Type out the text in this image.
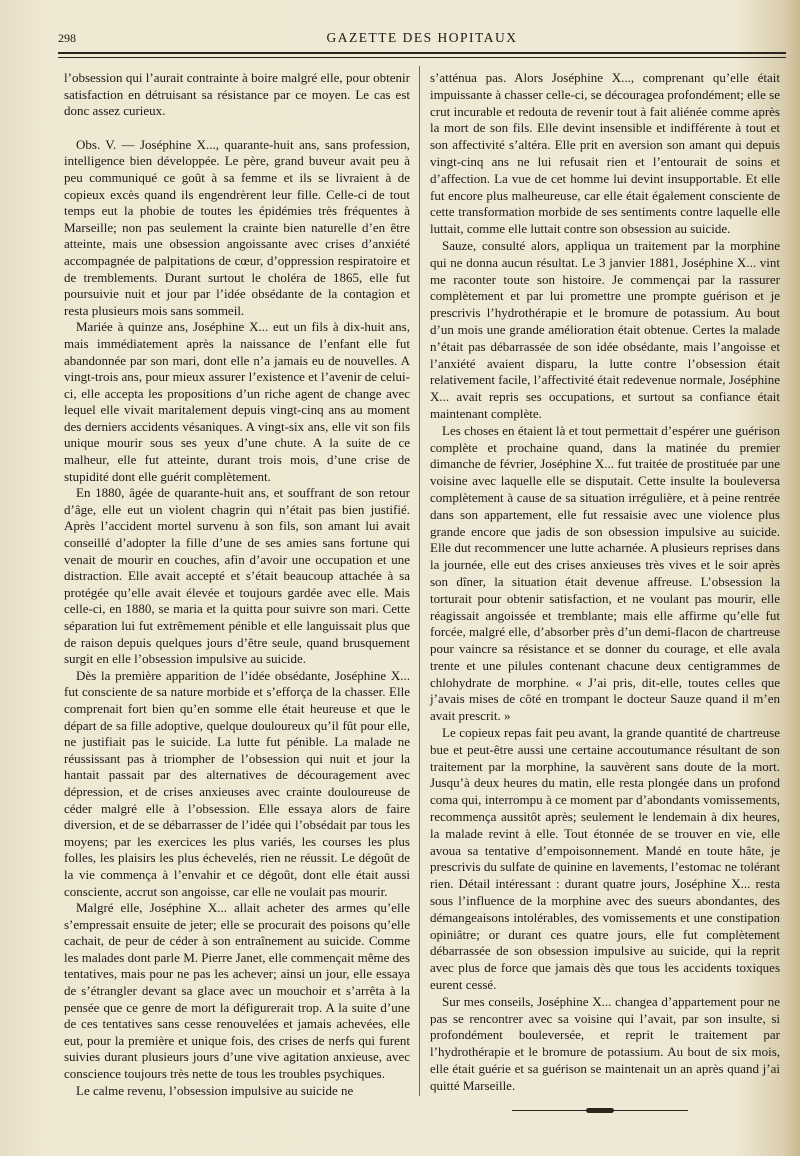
298	GAZETTE DES HOPITAUX

l’obsession qui l’aurait contrainte à boire malgré elle, pour obtenir satisfaction en détruisant sa résistance par ce moyen. Le cas est donc assez curieux.

Obs. V. — Joséphine X..., quarante-huit ans, sans profession, intelligence bien développée. Le père, grand buveur avait peu à peu communiqué ce goût à sa femme et ils se livraient à de copieux excès quand ils engendrèrent leur fille. Celle-ci de tout temps eut la phobie de toutes les épidémies très fréquentes à Marseille; non pas seulement la crainte bien naturelle d’en être atteinte, mais une obsession angoissante avec crises d’anxiété accompagnée de palpitations de cœur, d’oppression respiratoire et de tremblements. Durant surtout le choléra de 1865, elle fut poursuivie nuit et jour par l’idée obsédante de la contagion et resta plusieurs mois sans sommeil.

Mariée à quinze ans, Joséphine X... eut un fils à dix-huit ans, mais immédiatement après la naissance de l’enfant elle fut abandonnée par son mari, dont elle n’a jamais eu de nouvelles. A vingt-trois ans, pour mieux assurer l’existence et l’avenir de celui-ci, elle accepta les propositions d’un riche agent de change avec lequel elle vivait maritalement depuis vingt-cinq ans au moment des derniers accidents vésaniques. A vingt-six ans, elle vit son fils unique mourir sous ses yeux d’une chute. A la suite de ce malheur, elle fut atteinte, durant trois mois, d’une crise de stupidité dont elle guérit complètement.

En 1880, âgée de quarante-huit ans, et souffrant de son retour d’âge, elle eut un violent chagrin qui n’était pas bien justifié. Après l’accident mortel survenu à son fils, son amant lui avait conseillé d’adopter la fille d’une de ses amies sans fortune qui venait de mourir en couches, afin d’avoir une occupation et une distraction. Elle avait accepté et s’était beaucoup attachée à sa protégée qu’elle avait élevée et toujours gardée avec elle. Mais celle-ci, en 1880, se maria et la quitta pour suivre son mari. Cette séparation lui fut extrêmement pénible et elle languissait plus que de raison depuis quelques jours d’être seule, quand brusquement surgit en elle l’obsession impulsive au suicide.

Dès la première apparition de l’idée obsédante, Joséphine X... fut consciente de sa nature morbide et s’efforça de la chasser. Elle comprenait fort bien qu’en somme elle était heureuse et que le départ de sa fille adoptive, quelque douloureux qu’il fût pour elle, ne justifiait pas le suicide. La lutte fut pénible. La malade ne réussissant pas à triompher de l’obsession qui nuit et jour la hantait passait par des alternatives de découragement avec dépression, et de crises anxieuses avec crainte douloureuse de céder malgré elle à l’obsession. Elle essaya alors de faire diversion, et de se débarrasser de l’idée qui l’obsédait par tous les moyens; par les exercices les plus variés, les courses les plus folles, les plaisirs les plus échevelés, rien ne réussit. Le dégoût de la vie commença à l’envahir et ce dégoût, dont elle était aussi consciente, accrut son angoisse, car elle ne voulait pas mourir.

Malgré elle, Joséphine X... allait acheter des armes qu’elle s’empressait ensuite de jeter; elle se procurait des poisons qu’elle cachait, de peur de céder à son entraînement au suicide. Comme les malades dont parle M. Pierre Janet, elle commençait même des tentatives, mais pour ne pas les achever; ainsi un jour, elle essaya de s’étrangler devant sa glace avec un mouchoir et s’arrêta à la pensée que ce genre de mort la défigurerait trop. A la suite d’une de ces tentatives sans cesse renouvelées et jamais achevées, elle eut, pour la première et unique fois, des crises de nerfs qui furent suivies durant plusieurs jours d’une vive agitation anxieuse, avec conscience toujours très nette de tous les troubles psychiques.

Le calme revenu, l’obsession impulsive au suicide ne

s’atténua pas. Alors Joséphine X..., comprenant qu’elle était impuissante à chasser celle-ci, se découragea profondément; elle se crut incurable et redouta de revenir tout à fait aliénée comme après la mort de son fils. Elle devint insensible et indifférente à tout et son affectivité s’altéra. Elle prit en aversion son amant qui depuis vingt-cinq ans ne lui refusait rien et l’entourait de soins et d’affection. La vue de cet homme lui devint insupportable. Et elle fut encore plus malheureuse, car elle était également consciente de cette transformation morbide de ses sentiments contre laquelle elle luttait, comme elle luttait contre son obsession au suicide.

Sauze, consulté alors, appliqua un traitement par la morphine qui ne donna aucun résultat. Le 3 janvier 1881, Joséphine X... vint me raconter toute son histoire. Je commençai par la rassurer complètement et par lui promettre une prompte guérison et je prescrivis l’hydrothérapie et le bromure de potassium. Au bout d’un mois une grande amélioration était obtenue. Certes la malade n’était pas débarrassée de son idée obsédante, mais l’angoisse et l’anxiété avaient disparu, la lutte contre l’obsession était relativement facile, l’affectivité était redevenue normale, Joséphine X... avait repris ses occupations, et surtout sa confiance était maintenant complète.

Les choses en étaient là et tout permettait d’espérer une guérison complète et prochaine quand, dans la matinée du premier dimanche de février, Joséphine X... fut traitée de prostituée par une voisine avec laquelle elle se disputait. Cette insulte la bouleversa complètement à cause de sa situation irrégulière, et à peine rentrée dans son appartement, elle fut ressaisie avec une violence plus grande encore que jadis de son obsession impulsive au suicide. Elle dut recommencer une lutte acharnée. A plusieurs reprises dans la journée, elle eut des crises anxieuses très vives et le soir après son dîner, la situation était devenue affreuse. L’obsession la torturait pour obtenir satisfaction, et ne voulant pas mourir, elle réagissait angoissée et tremblante; mais elle affirme qu’elle fut forcée, malgré elle, d’absorber près d’un demi-flacon de chartreuse pour vaincre sa résistance et se donner du courage, et elle avala trente et une pilules contenant chacune deux centigrammes de chlohydrate de morphine. « J’ai pris, dit-elle, toutes celles que j’avais mises de côté en trompant le docteur Sauze quand il m’en avait prescrit. »

Le copieux repas fait peu avant, la grande quantité de chartreuse bue et peut-être aussi une certaine accoutumance résultant de son traitement par la morphine, la sauvèrent sans doute de la mort. Jusqu’à deux heures du matin, elle resta plongée dans un profond coma qui, interrompu à ce moment par d’abondants vomissements, recommença aussitôt après; seulement le lendemain à dix heures, la malade revint à elle. Tout étonnée de se trouver en vie, elle avoua sa tentative d’empoisonnement. Mandé en toute hâte, je prescrivis du sulfate de quinine en lavements, l’estomac ne tolérant rien. Détail intéressant : durant quatre jours, Joséphine X... resta sous l’influence de la morphine avec des sueurs abondantes, des démangeaisons intolérables, des vomissements et une constipation opiniâtre; or durant ces quatre jours, elle fut complètement débarrassée de son obsession impulsive au suicide, qui la reprit avec plus de force que jamais dès que tous les accidents toxiques eurent cessé.

Sur mes conseils, Joséphine X... changea d’appartement pour ne pas se rencontrer avec sa voisine qui l’avait, par son insulte, si profondément bouleversée, et reprit le traitement par l’hydrothérapie et le bromure de potassium. Au bout de six mois, elle était guérie et sa guérison se maintenait un an après quand j’ai quitté Marseille.
